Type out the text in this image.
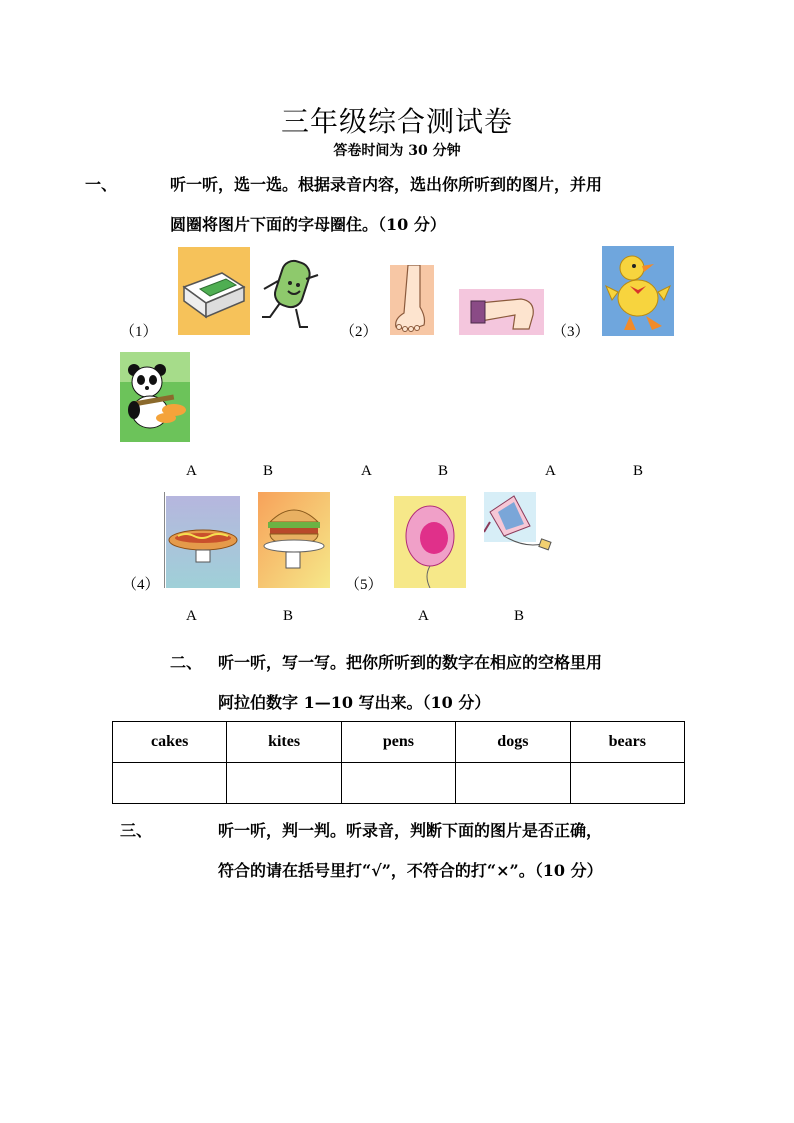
三年级综合测试卷
答卷时间为 30 分钟
一、	听一听，选一选。根据录音内容，选出你所听到的图片，并用
圆圈将图片下面的字母圈住。（10 分）
（1）	（2）	（3）
A	B	A	B	A	B
（4）	（5）
A	B	A	B
二、 听一听，写一写。把你所听到的数字在相应的空格里用
阿拉伯数字 1—10 写出来。（10 分）
cakes	kites	pens	dogs	bears

三、	听一听，判一判。听录音，判断下面的图片是否正确，
符合的请在括号里打“√”，不符合的打“×”。（10 分）
